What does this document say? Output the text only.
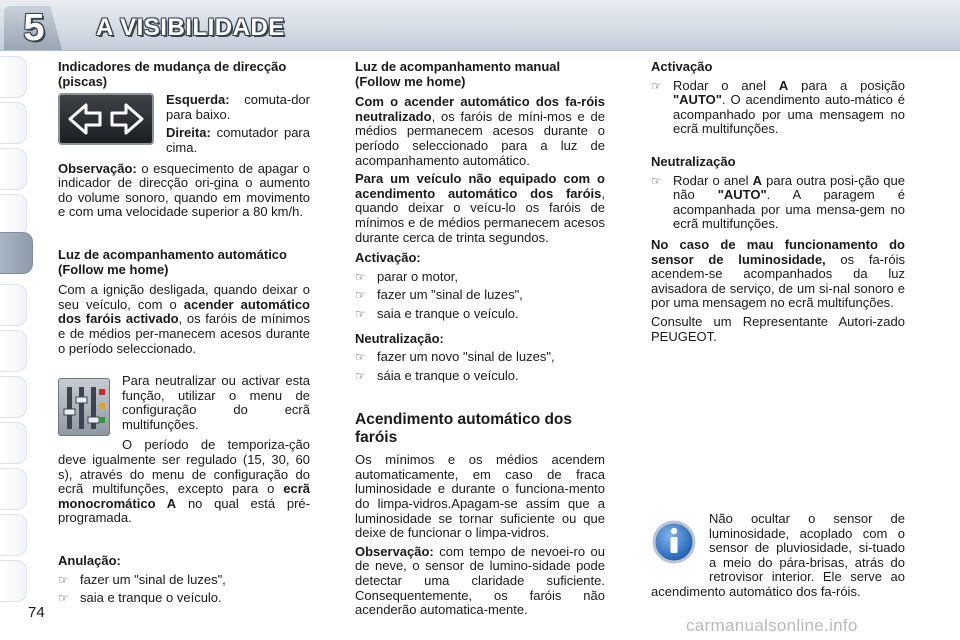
5	A VISIBILIDADE
Indicadores de mudança de direcção (piscas)

Esquerda: comuta-dor para baixo.

Direita: comutador para cima.

Observação: o esquecimento de apagar o indicador de direcção ori-gina o aumento do volume sonoro, quando em movimento e com uma velocidade superior a 80 km/h.

Luz de acompanhamento automático (Follow me home)

Com a ignição desligada, quando deixar o seu veículo, com o acender automático dos faróis activado, os faróis de mínimos e de médios per-manecem acesos durante o período seleccionado.

Para neutralizar ou activar esta função, utilizar o menu de configuração do ecrã multifunções.

O período de temporiza-ção deve igualmente ser regulado (15, 30, 60 s), através do menu de configuração do ecrã multifunções, excepto para o ecrã monocromático A no qual está pré-programada.

Anulação:
☞ fazer um "sinal de luzes",
☞ saia e tranque o veículo.
Luz de acompanhamento manual (Follow me home)

Com o acender automático dos fa-róis neutralizado, os faróis de míni-mos e de médios permanecem acesos durante o período seleccionado para a luz de acompanhamento automático.

Para um veículo não equipado com o acendimento automático dos faróis, quando deixar o veícu-lo os faróis de mínimos e de médios permanecem acesos durante cerca de trinta segundos.

Activação:
☞ parar o motor,
☞ fazer um "sinal de luzes",
☞ saia e tranque o veículo.
Neutralização:
☞ fazer um novo "sinal de luzes",
☞ sáia e tranque o veículo.
Acendimento automático dos faróis

Os mínimos e os médios acendem automaticamente, em caso de fraca luminosidade e durante o funciona-mento do limpa-vidros.Apagam-se assim que a luminosidade se tornar suficiente ou que deixe de funcionar o limpa-vidros.

Observação: com tempo de nevoei-ro ou de neve, o sensor de lumino-sidade pode detectar uma claridade suficiente. Consequentemente, os faróis não acenderão automatica-mente.

Activação
☞ Rodar o anel A para a posição "AUTO". O acendimento auto-mático é acompanhado por uma mensagem no ecrã multifunções.
Neutralização
☞ Rodar o anel A para outra posi-ção que não "AUTO". A paragem é acompanhada por uma mensa-gem no ecrã multifunções.

No caso de mau funcionamento do sensor de luminosidade, os fa-róis acendem-se acompanhados da luz avisadora de serviço, de um si-nal sonoro e por uma mensagem no ecrã multifunções.

Consulte um Representante Autori-zado PEUGEOT.

Não ocultar o sensor de luminosidade, acoplado com o sensor de pluviosidade, si-tuado a meio do pára-brisas, atrás do retrovisor interior. Ele serve ao acendimento automático dos fa-róis.

74
carmanualsonline.info
